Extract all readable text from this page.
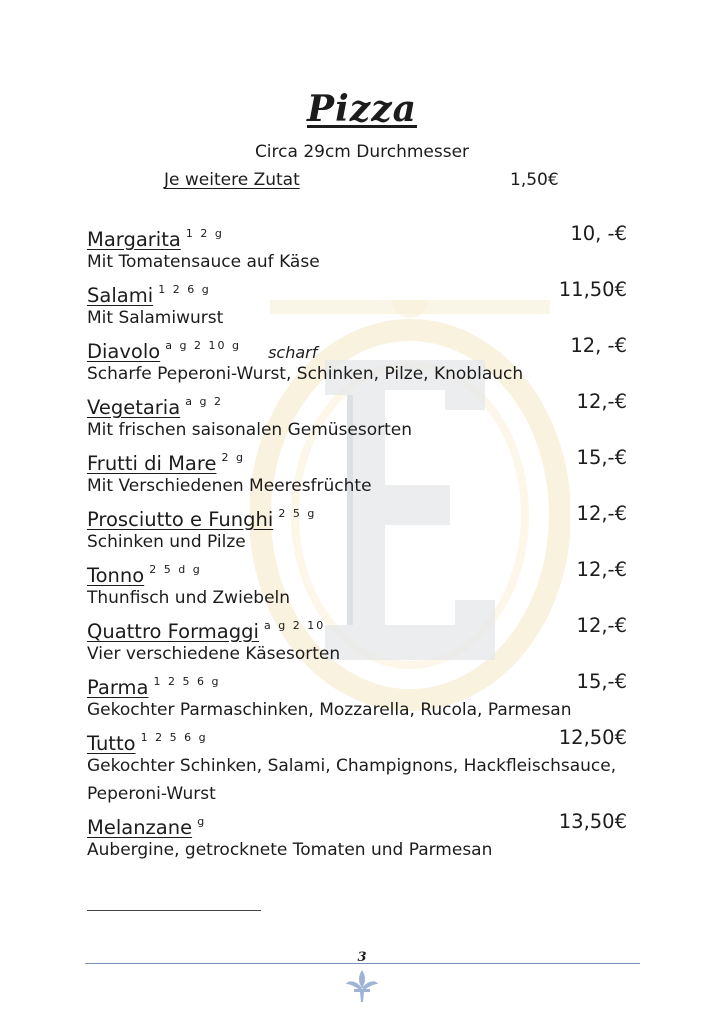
Pizza
Circa 29cm Durchmesser
Je weitere Zutat	1,50€
Margarita $^{1 2 g}$	10, -€
Mit Tomatensauce auf Käse
Salami $^{1 2 6 g}$	11,50€
Mit Salamiwurst
Diavolo $^{a g 2 10 g}$ scharf	12, -€
Scharfe Peperoni-Wurst, Schinken, Pilze, Knoblauch
Vegetaria $^{a g 2}$	12,-€
Mit frischen saisonalen Gemüsesorten
Frutti di Mare $^{2 g}$	15,-€
Mit Verschiedenen Meeresfrüchte
Prosciutto e Funghi $^{2 5 g}$	12,-€
Schinken und Pilze
Tonno $^{2 5 d g}$	12,-€
Thunfisch und Zwiebeln
Quattro Formaggi $^{a g 2 10}$	12,-€
Vier verschiedene Käsesorten
Parma $^{1 2 5 6 g}$	15,-€
Gekochter Parmaschinken, Mozzarella, Rucola, Parmesan
Tutto $^{1 2 5 6 g}$	12,50€
Gekochter Schinken, Salami, Champignons, Hackfleischsauce, Peperoni-Wurst
Melanzane $^g$	13,50€
Aubergine, getrocknete Tomaten und Parmesan
3
